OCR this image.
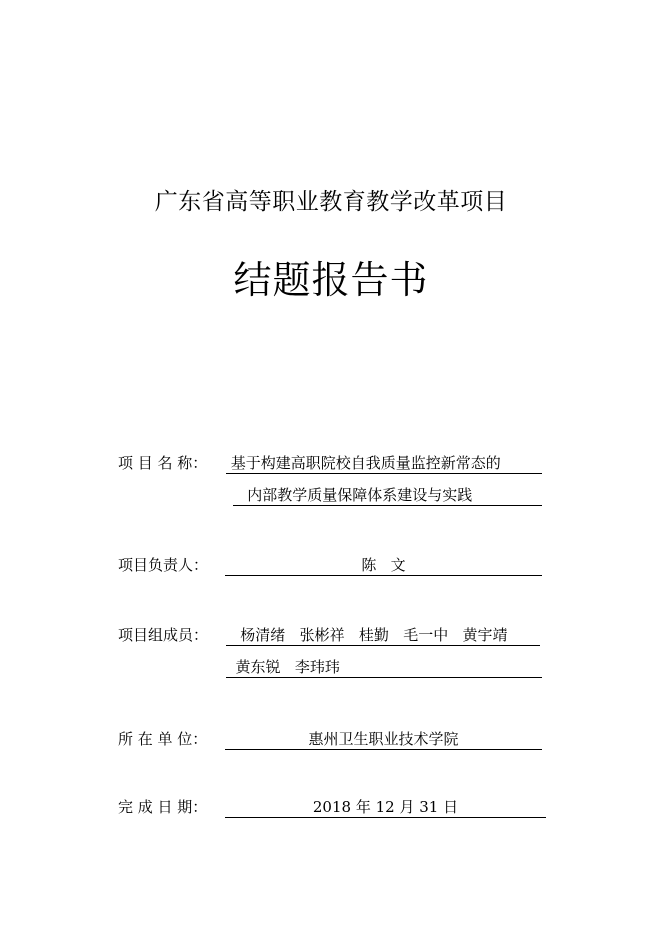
广东省高等职业教育教学改革项目
结题报告书
项 目 名 称： 基于构建高职院校自我质量监控新常态的
内部教学质量保障体系建设与实践
项目负责人：	陈   文
项目组成员： 杨清绪   张彬祥   桂勤   毛一中   黄宇靖
黄东锐   李玮玮
所 在 单 位：	惠州卫生职业技术学院
完 成 日 期：	2018 年 12 月 31 日
